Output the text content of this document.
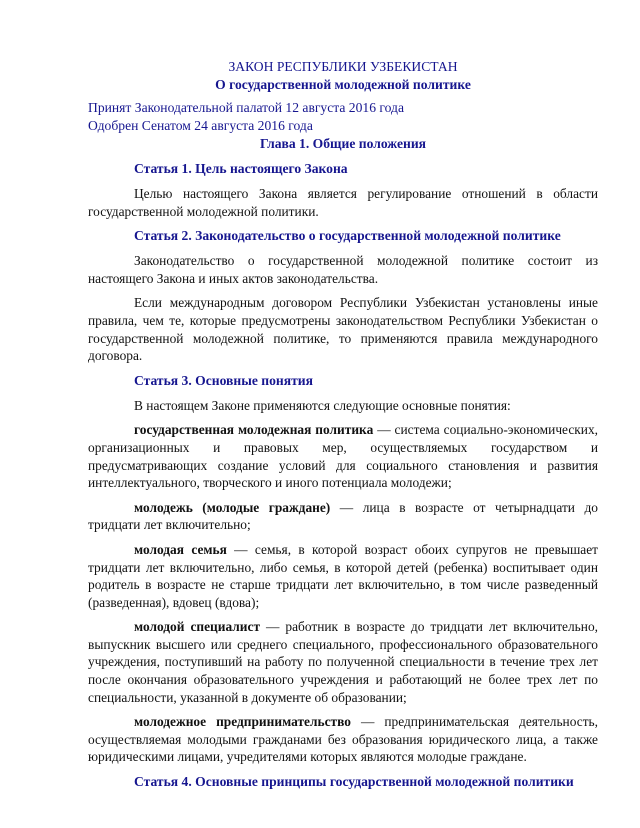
ЗАКОН РЕСПУБЛИКИ УЗБЕКИСТАН
О государственной молодежной политике
Принят Законодательной палатой 12 августа 2016 года
Одобрен Сенатом 24 августа 2016 года
Глава 1. Общие положения
Статья 1. Цель настоящего Закона

Целью настоящего Закона является регулирование отношений в области государственной молодежной политики.

Статья 2. Законодательство о государственной молодежной политике

Законодательство о государственной молодежной политике состоит из настоящего Закона и иных актов законодательства.

Если международным договором Республики Узбекистан установлены иные правила, чем те, которые предусмотрены законодательством Республики Узбекистан о государственной молодежной политике, то применяются правила международного договора.

Статья 3. Основные понятия

В настоящем Законе применяются следующие основные понятия:

государственная молодежная политика — система социально-экономических, организационных и правовых мер, осуществляемых государством и предусматривающих создание условий для социального становления и развития интеллектуального, творческого и иного потенциала молодежи;

молодежь (молодые граждане) — лица в возрасте от четырнадцати до тридцати лет включительно;

молодая семья — семья, в которой возраст обоих супругов не превышает тридцати лет включительно, либо семья, в которой детей (ребенка) воспитывает один родитель в возрасте не старше тридцати лет включительно, в том числе разведенный (разведенная), вдовец (вдова);

молодой специалист — работник в возрасте до тридцати лет включительно, выпускник высшего или среднего специального, профессионального образовательного учреждения, поступивший на работу по полученной специальности в течение трех лет после окончания образовательного учреждения и работающий не более трех лет по специальности, указанной в документе об образовании;

молодежное предпринимательство — предпринимательская деятельность, осуществляемая молодыми гражданами без образования юридического лица, а также юридическими лицами, учредителями которых являются молодые граждане.

Статья 4. Основные принципы государственной молодежной политики
